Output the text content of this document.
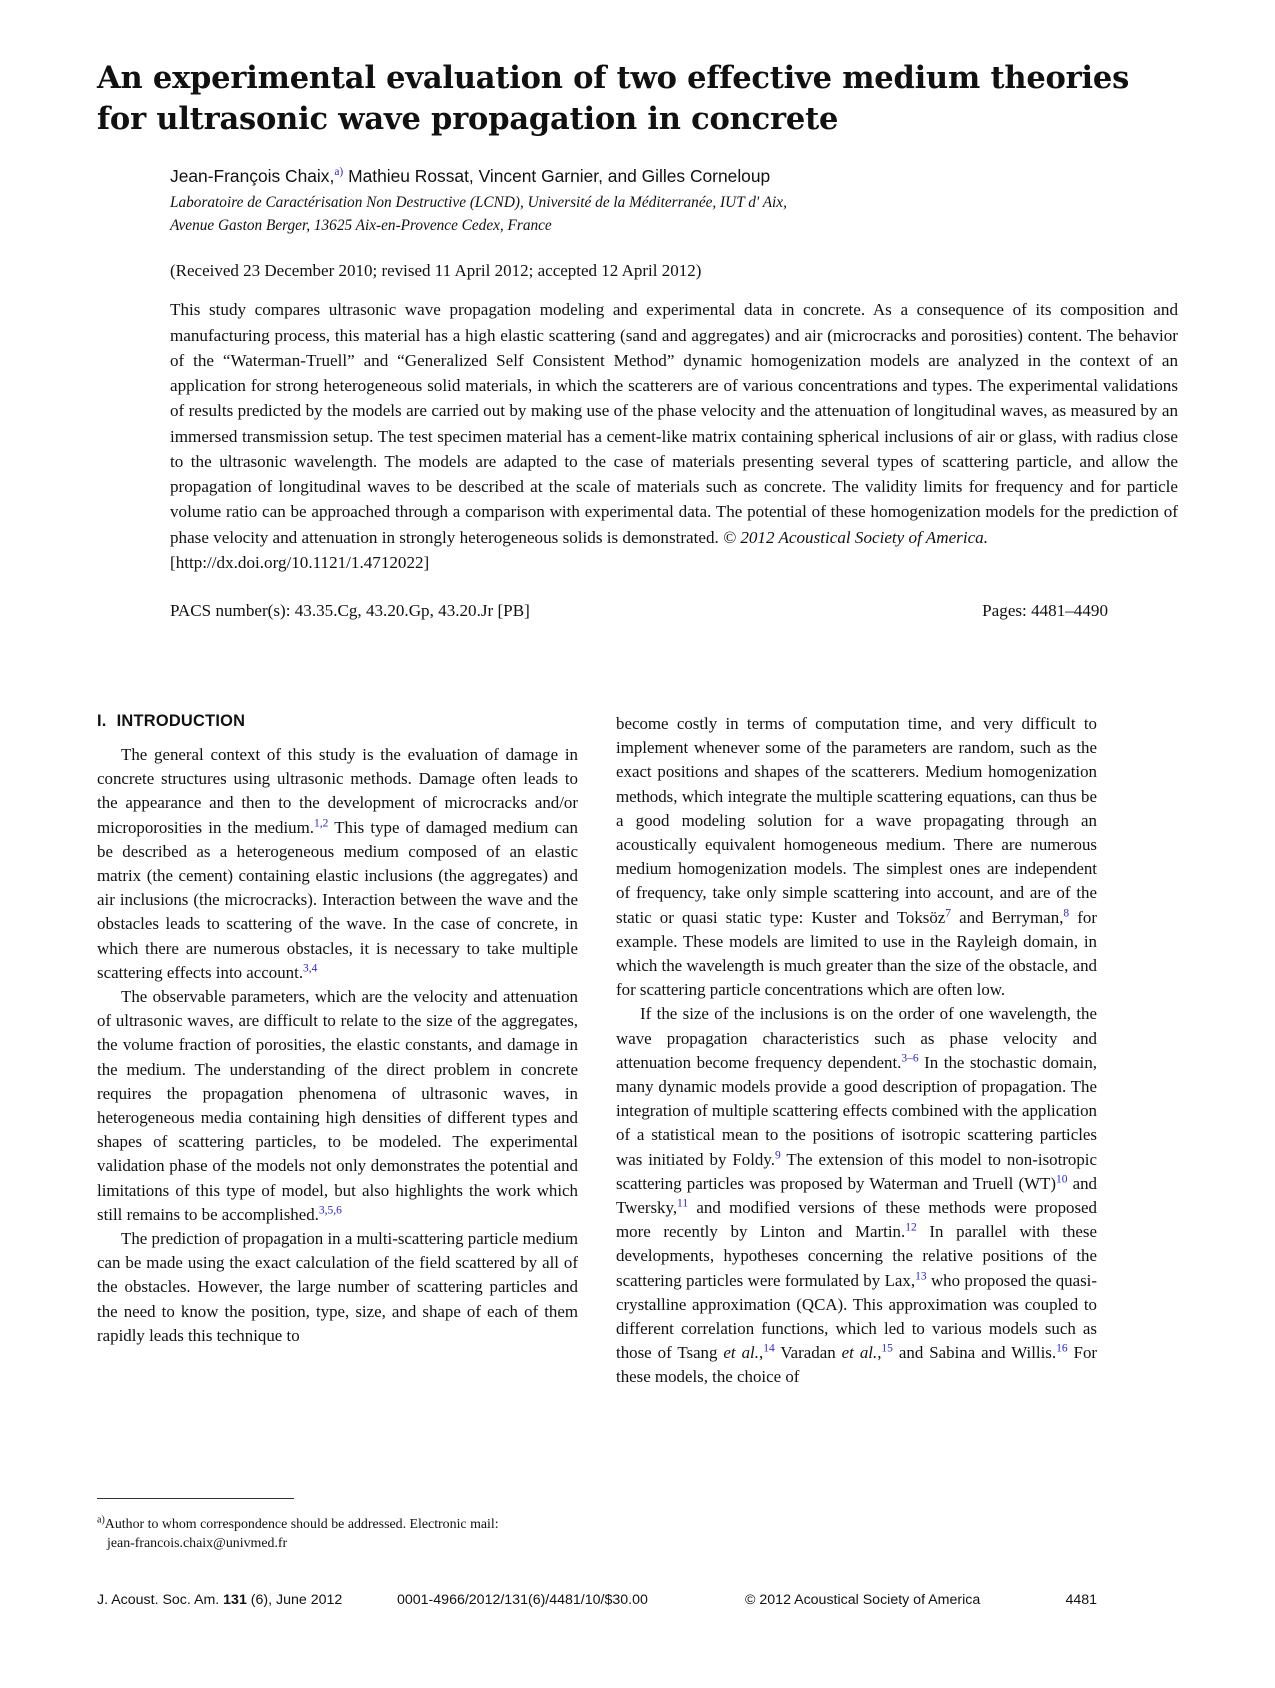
An experimental evaluation of two effective medium theories for ultrasonic wave propagation in concrete
Jean-François Chaix,$^{a)}$ Mathieu Rossat, Vincent Garnier, and Gilles Corneloup
Laboratoire de Caractérisation Non Destructive (LCND), Université de la Méditerranée, IUT d' Aix,
Avenue Gaston Berger, 13625 Aix-en-Provence Cedex, France
(Received 23 December 2010; revised 11 April 2012; accepted 12 April 2012)

This study compares ultrasonic wave propagation modeling and experimental data in concrete. As a consequence of its composition and manufacturing process, this material has a high elastic scattering (sand and aggregates) and air (microcracks and porosities) content. The behavior of the “Waterman-Truell” and “Generalized Self Consistent Method” dynamic homogenization models are analyzed in the context of an application for strong heterogeneous solid materials, in which the scatterers are of various concentrations and types. The experimental validations of results predicted by the models are carried out by making use of the phase velocity and the attenuation of longitudinal waves, as measured by an immersed transmission setup. The test specimen material has a cement-like matrix containing spherical inclusions of air or glass, with radius close to the ultrasonic wavelength. The models are adapted to the case of materials presenting several types of scattering particle, and allow the propagation of longitudinal waves to be described at the scale of materials such as concrete. The validity limits for frequency and for particle volume ratio can be approached through a comparison with experimental data. The potential of these homogenization models for the prediction of phase velocity and attenuation in strongly heterogeneous solids is demonstrated. © 2012 Acoustical Society of America.

[http://dx.doi.org/10.1121/1.4712022]

PACS number(s): 43.35.Cg, 43.20.Gp, 43.20.Jr [PB]	Pages: 4481–4490
I. INTRODUCTION

The general context of this study is the evaluation of damage in concrete structures using ultrasonic methods. Damage often leads to the appearance and then to the development of microcracks and/or microporosities in the medium.$^{1,2}$ This type of damaged medium can be described as a heterogeneous medium composed of an elastic matrix (the cement) containing elastic inclusions (the aggregates) and air inclusions (the microcracks). Interaction between the wave and the obstacles leads to scattering of the wave. In the case of concrete, in which there are numerous obstacles, it is necessary to take multiple scattering effects into account.$^{3,4}$

The observable parameters, which are the velocity and attenuation of ultrasonic waves, are difficult to relate to the size of the aggregates, the volume fraction of porosities, the elastic constants, and damage in the medium. The understanding of the direct problem in concrete requires the propagation phenomena of ultrasonic waves, in heterogeneous media containing high densities of different types and shapes of scattering particles, to be modeled. The experimental validation phase of the models not only demonstrates the potential and limitations of this type of model, but also highlights the work which still remains to be accomplished.$^{3,5,6}$

The prediction of propagation in a multi-scattering particle medium can be made using the exact calculation of the field scattered by all of the obstacles. However, the large number of scattering particles and the need to know the position, type, size, and shape of each of them rapidly leads this technique to

become costly in terms of computation time, and very difficult to implement whenever some of the parameters are random, such as the exact positions and shapes of the scatterers. Medium homogenization methods, which integrate the multiple scattering equations, can thus be a good modeling solution for a wave propagating through an acoustically equivalent homogeneous medium. There are numerous medium homogenization models. The simplest ones are independent of frequency, take only simple scattering into account, and are of the static or quasi static type: Kuster and Toksöz$^7$ and Berryman,$^8$ for example. These models are limited to use in the Rayleigh domain, in which the wavelength is much greater than the size of the obstacle, and for scattering particle concentrations which are often low.

If the size of the inclusions is on the order of one wavelength, the wave propagation characteristics such as phase velocity and attenuation become frequency dependent.$^{3-6}$ In the stochastic domain, many dynamic models provide a good description of propagation. The integration of multiple scattering effects combined with the application of a statistical mean to the positions of isotropic scattering particles was initiated by Foldy.$^9$ The extension of this model to non-isotropic scattering particles was proposed by Waterman and Truell (WT)$^{10}$ and Twersky,$^{11}$ and modified versions of these methods were proposed more recently by Linton and Martin.$^{12}$ In parallel with these developments, hypotheses concerning the relative positions of the scattering particles were formulated by Lax,$^{13}$ who proposed the quasi-crystalline approximation (QCA). This approximation was coupled to different correlation functions, which led to various models such as those of Tsang et al.,$^{14}$ Varadan et al.,$^{15}$ and Sabina and Willis.$^{16}$ For these models, the choice of

$^{a)}$Author to whom correspondence should be addressed. Electronic mail:
jean-francois.chaix@univmed.fr

J. Acoust. Soc. Am. 131 (6), June 2012	0001-4966/2012/131(6)/4481/10/$30.00	© 2012 Acoustical Society of America	4481
